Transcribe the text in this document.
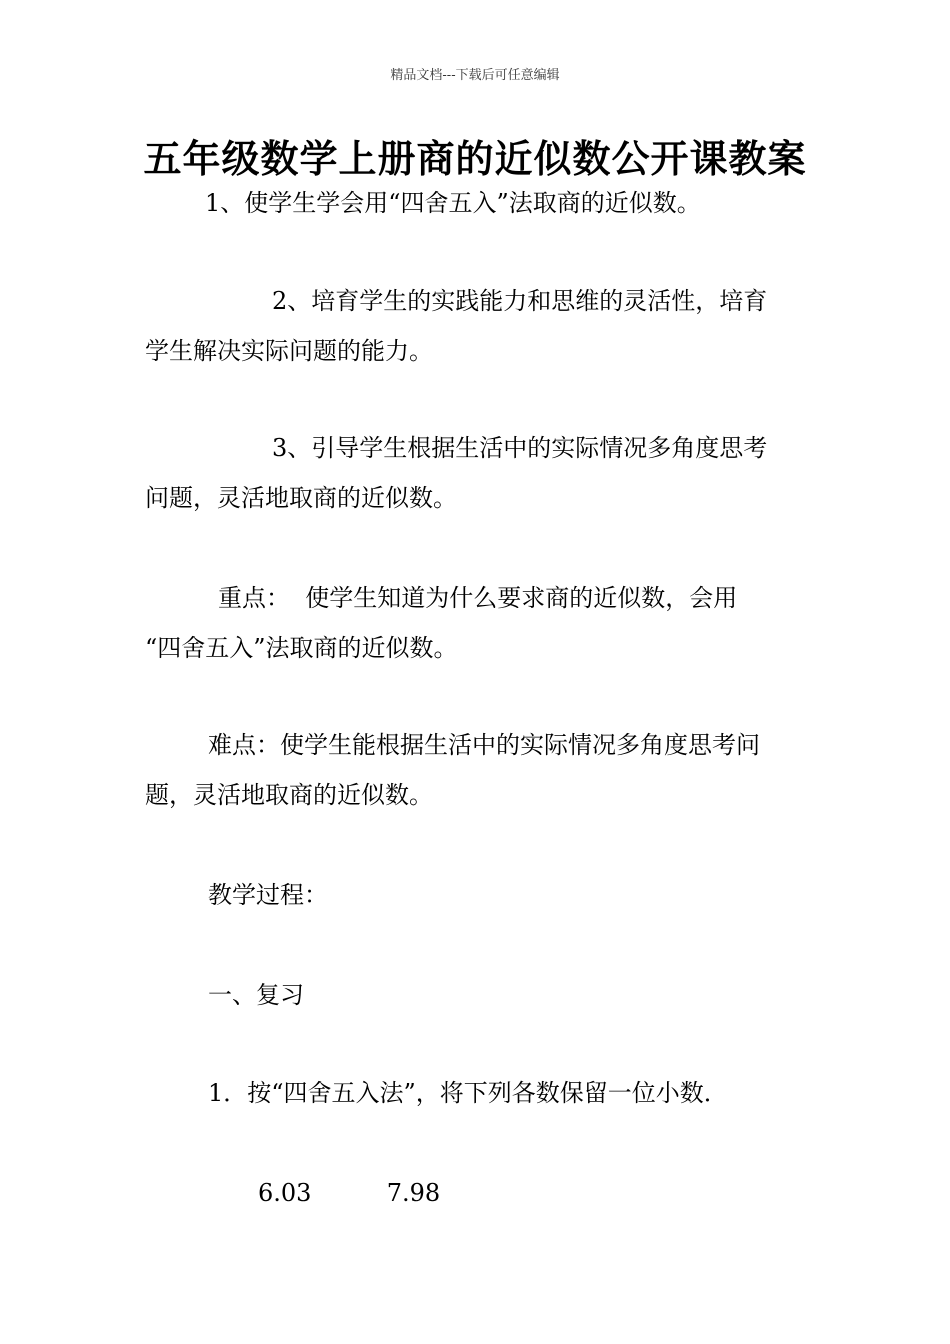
精品文档---下载后可任意编辑
五年级数学上册商的近似数公开课教案

1、使学生学会用“四舍五入”法取商的近似数。

2、培育学生的实践能力和思维的灵活性，培育

学生解决实际问题的能力。

3、引导学生根据生活中的实际情况多角度思考

问题，灵活地取商的近似数。

重点：  使学生知道为什么要求商的近似数，会用

“四舍五入”法取商的近似数。

难点：使学生能根据生活中的实际情况多角度思考问

题，灵活地取商的近似数。

教学过程：

一、复习

1．按“四舍五入法”，将下列各数保留一位小数．

6.03	7.98
